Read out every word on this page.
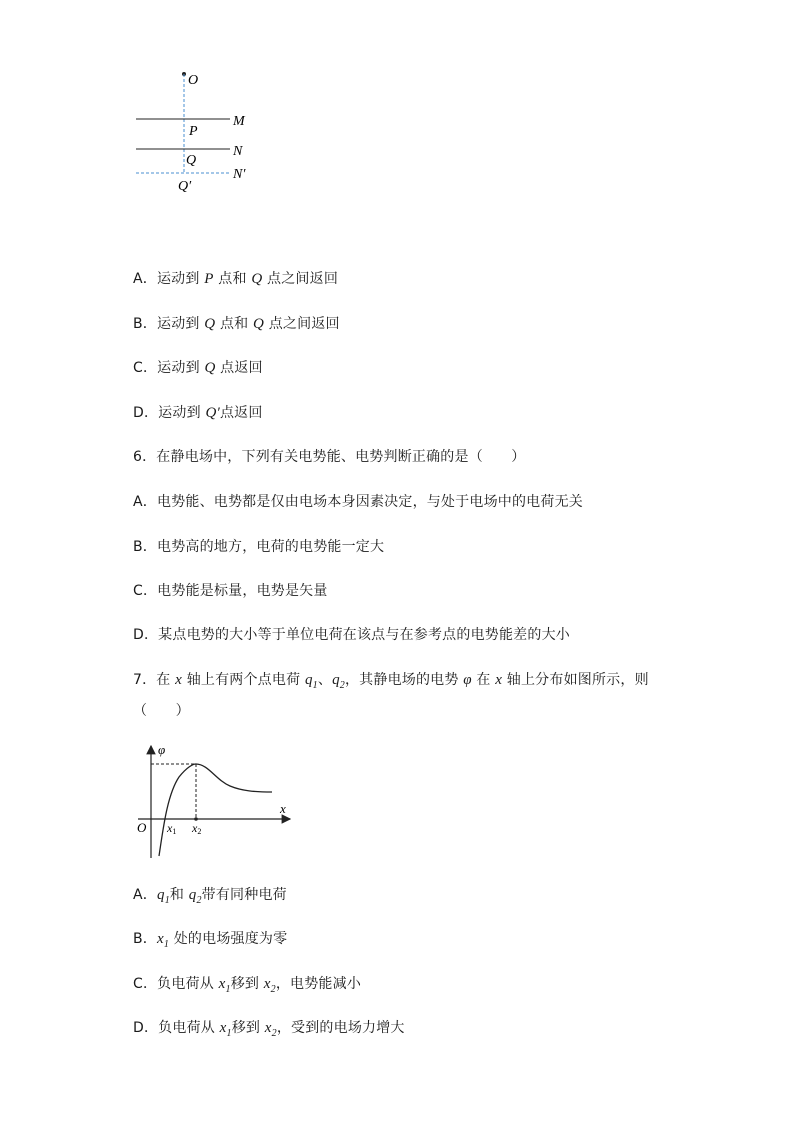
O
M
P
N
Q
N′
Q′
A．运动到 P 点和 Q 点之间返回
B．运动到 Q 点和 Q 点之间返回
C．运动到 Q 点返回
D．运动到 Q′点返回
6．在静电场中，下列有关电势能、电势判断正确的是（　　）
A．电势能、电势都是仅由电场本身因素决定，与处于电场中的电荷无关
B．电势高的地方，电荷的电势能一定大
C．电势能是标量，电势是矢量
D．某点电势的大小等于单位电荷在该点与在参考点的电势能差的大小
7．在 x 轴上有两个点电荷 $q_1$、$q_2$，其静电场的电势 φ 在 x 轴上分布如图所示，则
（　　）
φ
x
O x1 x2
A．$q_1$和 $q_2$带有同种电荷
B．$x_1$ 处的电场强度为零
C．负电荷从 $x_1$移到 $x_2$，电势能减小
D．负电荷从 $x_1$移到 $x_2$，受到的电场力增大
